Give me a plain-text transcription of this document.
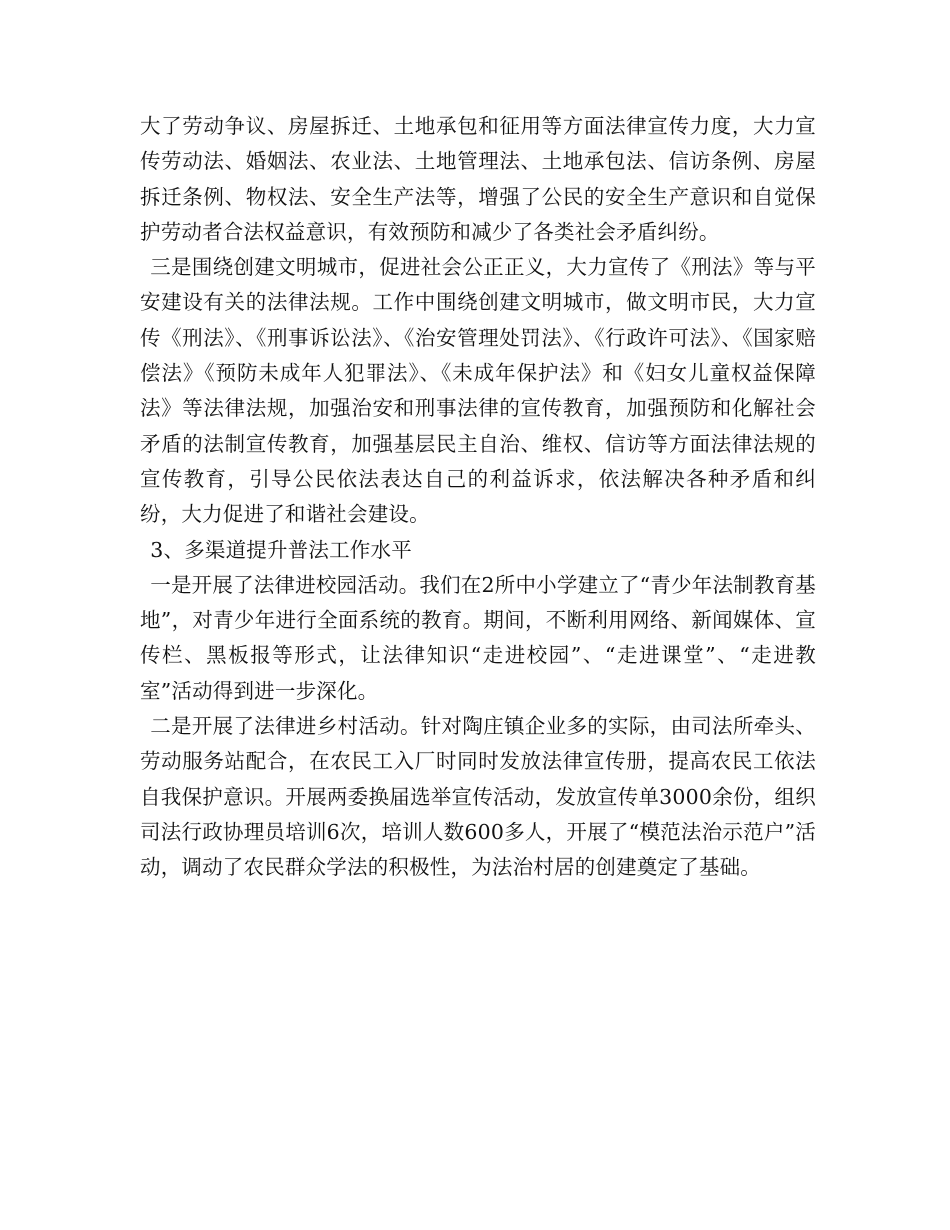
大了劳动争议、房屋拆迁、土地承包和征用等方面法律宣传力度，大力宣传劳动法、婚姻法、农业法、土地管理法、土地承包法、信访条例、房屋拆迁条例、物权法、安全生产法等，增强了公民的安全生产意识和自觉保护劳动者合法权益意识，有效预防和减少了各类社会矛盾纠纷。

三是围绕创建文明城市，促进社会公正正义，大力宣传了《刑法》等与平安建设有关的法律法规。工作中围绕创建文明城市，做文明市民，大力宣传《刑法》、《刑事诉讼法》、《治安管理处罚法》、《行政许可法》、《国家赔偿法》《预防未成年人犯罪法》、《未成年保护法》和《妇女儿童权益保障法》等法律法规，加强治安和刑事法律的宣传教育，加强预防和化解社会矛盾的法制宣传教育，加强基层民主自治、维权、信访等方面法律法规的宣传教育，引导公民依法表达自己的利益诉求，依法解决各种矛盾和纠纷，大力促进了和谐社会建设。

3、多渠道提升普法工作水平

一是开展了法律进校园活动。我们在2所中小学建立了“青少年法制教育基地”，对青少年进行全面系统的教育。期间，不断利用网络、新闻媒体、宣传栏、黑板报等形式，让法律知识“走进校园”、“走进课堂”、“走进教室”活动得到进一步深化。

二是开展了法律进乡村活动。针对陶庄镇企业多的实际，由司法所牵头、劳动服务站配合，在农民工入厂时同时发放法律宣传册，提高农民工依法自我保护意识。开展两委换届选举宣传活动，发放宣传单3000余份，组织司法行政协理员培训6次，培训人数600多人，开展了“模范法治示范户”活动，调动了农民群众学法的积极性，为法治村居的创建奠定了基础。
